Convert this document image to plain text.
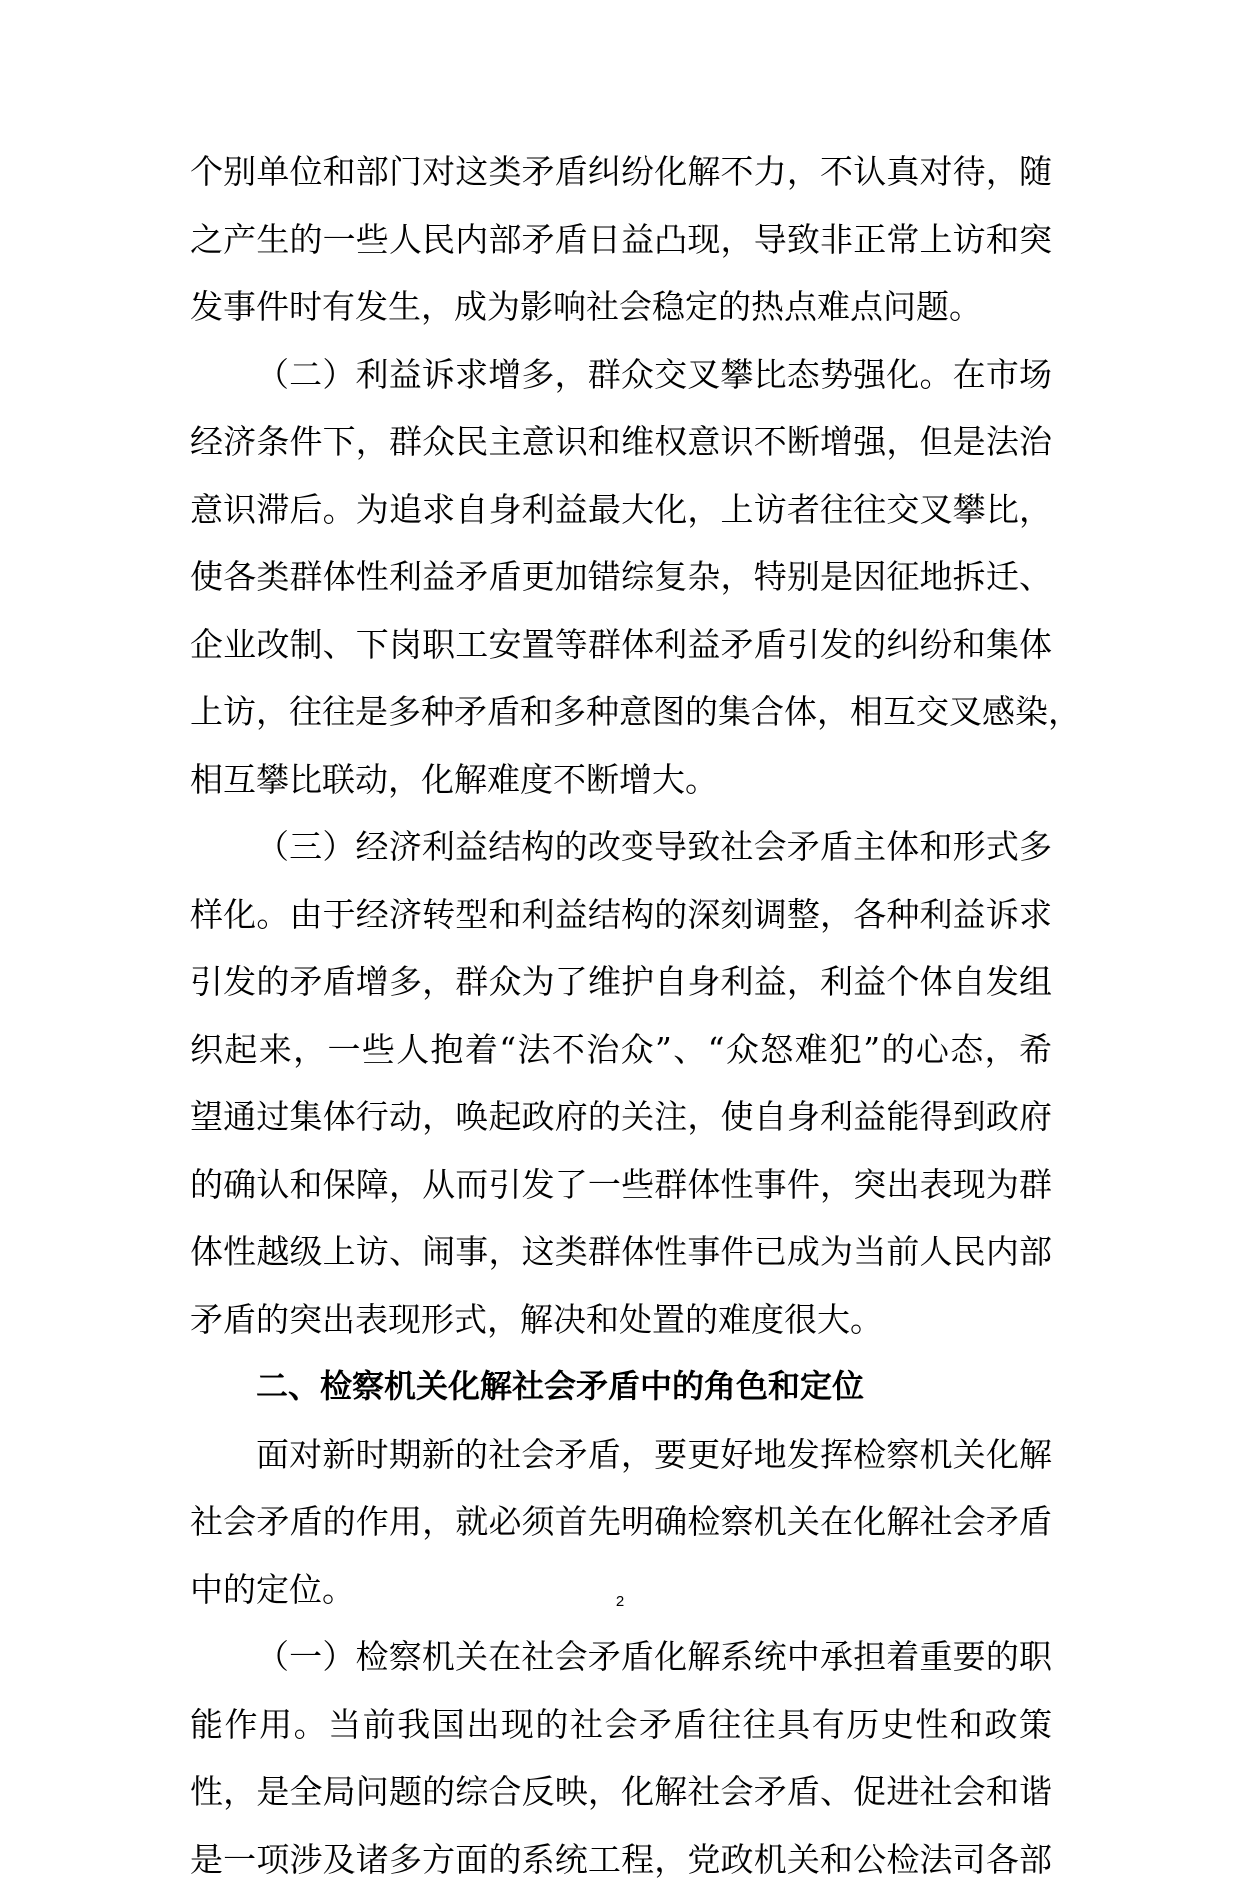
个别单位和部门对这类矛盾纠纷化解不力，不认真对待，随
之产生的一些人民内部矛盾日益凸现，导致非正常上访和突
发事件时有发生，成为影响社会稳定的热点难点问题。
（二）利益诉求增多，群众交叉攀比态势强化。在市场
经济条件下，群众民主意识和维权意识不断增强，但是法治
意识滞后。为追求自身利益最大化，上访者往往交叉攀比，
使各类群体性利益矛盾更加错综复杂，特别是因征地拆迁、
企业改制、下岗职工安置等群体利益矛盾引发的纠纷和集体
上访，往往是多种矛盾和多种意图的集合体，相互交叉感染，
相互攀比联动，化解难度不断增大。
（三）经济利益结构的改变导致社会矛盾主体和形式多
样化。由于经济转型和利益结构的深刻调整，各种利益诉求
引发的矛盾增多，群众为了维护自身利益，利益个体自发组
织起来，一些人抱着“法不治众”、“众怒难犯”的心态，希
望通过集体行动，唤起政府的关注，使自身利益能得到政府
的确认和保障，从而引发了一些群体性事件，突出表现为群
体性越级上访、闹事，这类群体性事件已成为当前人民内部
矛盾的突出表现形式，解决和处置的难度很大。
二、检察机关化解社会矛盾中的角色和定位
面对新时期新的社会矛盾，要更好地发挥检察机关化解
社会矛盾的作用，就必须首先明确检察机关在化解社会矛盾
中的定位。
（一）检察机关在社会矛盾化解系统中承担着重要的职
能作用。当前我国出现的社会矛盾往往具有历史性和政策
性，是全局问题的综合反映，化解社会矛盾、促进社会和谐
是一项涉及诸多方面的系统工程，党政机关和公检法司各部
2
